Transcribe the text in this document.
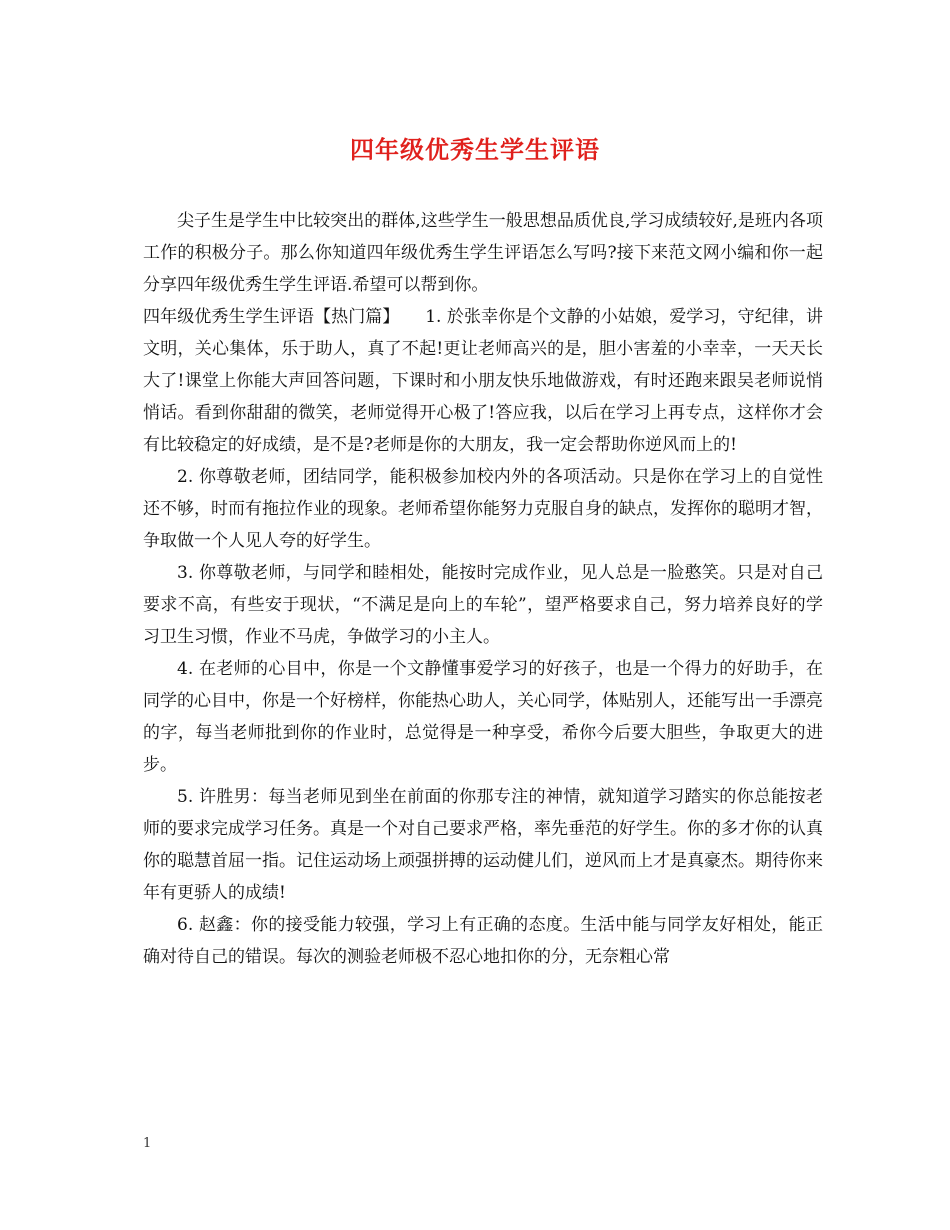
四年级优秀生学生评语

尖子生是学生中比较突出的群体,这些学生一般思想品质优良,学习成绩较好,是班内各项工作的积极分子。那么你知道四年级优秀生学生评语怎么写吗?接下来范文网小编和你一起分享四年级优秀生学生评语.希望可以帮到你。

四年级优秀生学生评语【热门篇】　　1. 於张幸你是个文静的小姑娘，爱学习，守纪律，讲文明，关心集体，乐于助人，真了不起!更让老师高兴的是，胆小害羞的小幸幸，一天天长大了!课堂上你能大声回答问题，下课时和小朋友快乐地做游戏，有时还跑来跟吴老师说悄悄话。看到你甜甜的微笑，老师觉得开心极了!答应我，以后在学习上再专点，这样你才会有比较稳定的好成绩，是不是?老师是你的大朋友，我一定会帮助你逆风而上的!

2. 你尊敬老师，团结同学，能积极参加校内外的各项活动。只是你在学习上的自觉性还不够，时而有拖拉作业的现象。老师希望你能努力克服自身的缺点，发挥你的聪明才智，争取做一个人见人夸的好学生。

3. 你尊敬老师，与同学和睦相处，能按时完成作业，见人总是一脸憨笑。只是对自己要求不高，有些安于现状，“不满足是向上的车轮”，望严格要求自己，努力培养良好的学习卫生习惯，作业不马虎，争做学习的小主人。

4. 在老师的心目中，你是一个文静懂事爱学习的好孩子，也是一个得力的好助手，在同学的心目中，你是一个好榜样，你能热心助人，关心同学，体贴别人，还能写出一手漂亮的字，每当老师批到你的作业时，总觉得是一种享受，希你今后要大胆些，争取更大的进步。

5. 许胜男：每当老师见到坐在前面的你那专注的神情，就知道学习踏实的你总能按老师的要求完成学习任务。真是一个对自己要求严格，率先垂范的好学生。你的多才你的认真你的聪慧首屈一指。记住运动场上顽强拼搏的运动健儿们，逆风而上才是真豪杰。期待你来年有更骄人的成绩!

6. 赵鑫：你的接受能力较强，学习上有正确的态度。生活中能与同学友好相处，能正确对待自己的错误。每次的测验老师极不忍心地扣你的分，无奈粗心常

1
